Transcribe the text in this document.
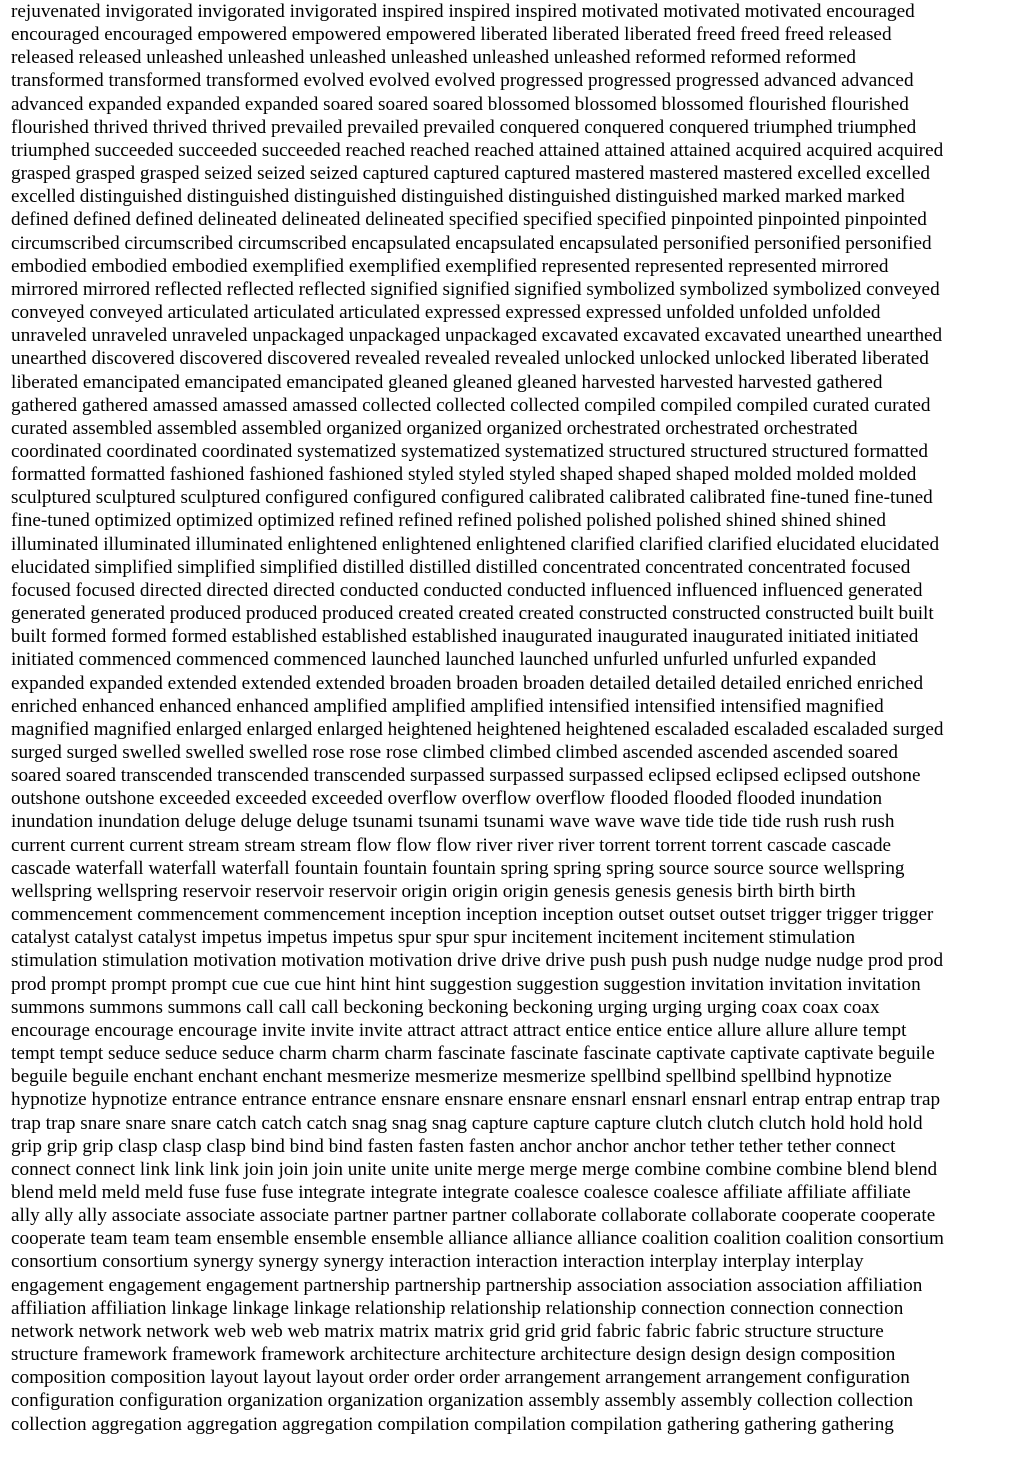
rejuvenated invigorated invigorated invigorated inspired inspired inspired motivated motivated motivated encouraged
encouraged encouraged empowered empowered empowered liberated liberated liberated freed freed freed released
released released unleashed unleashed unleashed unleashed unleashed unleashed reformed reformed reformed
transformed transformed transformed evolved evolved evolved progressed progressed progressed advanced advanced
advanced expanded expanded expanded soared soared soared blossomed blossomed blossomed flourished flourished
flourished thrived thrived thrived prevailed prevailed prevailed conquered conquered conquered triumphed triumphed
triumphed succeeded succeeded succeeded reached reached reached attained attained attained acquired acquired acquired
grasped grasped grasped seized seized seized captured captured captured mastered mastered mastered excelled excelled
excelled distinguished distinguished distinguished distinguished distinguished distinguished marked marked marked
defined defined defined delineated delineated delineated specified specified specified pinpointed pinpointed pinpointed
circumscribed circumscribed circumscribed encapsulated encapsulated encapsulated personified personified personified
embodied embodied embodied exemplified exemplified exemplified represented represented represented mirrored
mirrored mirrored reflected reflected reflected signified signified signified symbolized symbolized symbolized conveyed
conveyed conveyed articulated articulated articulated expressed expressed expressed unfolded unfolded unfolded
unraveled unraveled unraveled unpackaged unpackaged unpackaged excavated excavated excavated unearthed unearthed
unearthed discovered discovered discovered revealed revealed revealed unlocked unlocked unlocked liberated liberated
liberated emancipated emancipated emancipated gleaned gleaned gleaned harvested harvested harvested gathered
gathered gathered amassed amassed amassed collected collected collected compiled compiled compiled curated curated
curated assembled assembled assembled organized organized organized orchestrated orchestrated orchestrated
coordinated coordinated coordinated systematized systematized systematized structured structured structured formatted
formatted formatted fashioned fashioned fashioned styled styled styled shaped shaped shaped molded molded molded
sculptured sculptured sculptured configured configured configured calibrated calibrated calibrated fine-tuned fine-tuned
fine-tuned optimized optimized optimized refined refined refined polished polished polished shined shined shined
illuminated illuminated illuminated enlightened enlightened enlightened clarified clarified clarified elucidated elucidated
elucidated simplified simplified simplified distilled distilled distilled concentrated concentrated concentrated focused
focused focused directed directed directed conducted conducted conducted influenced influenced influenced generated
generated generated produced produced produced created created created constructed constructed constructed built built
built formed formed formed established established established inaugurated inaugurated inaugurated initiated initiated
initiated commenced commenced commenced launched launched launched unfurled unfurled unfurled expanded
expanded expanded extended extended extended broaden broaden broaden detailed detailed detailed enriched enriched
enriched enhanced enhanced enhanced amplified amplified amplified intensified intensified intensified magnified
magnified magnified enlarged enlarged enlarged heightened heightened heightened escaladed escaladed escaladed surged
surged surged swelled swelled swelled rose rose rose climbed climbed climbed ascended ascended ascended soared
soared soared transcended transcended transcended surpassed surpassed surpassed eclipsed eclipsed eclipsed outshone
outshone outshone exceeded exceeded exceeded overflow overflow overflow flooded flooded flooded inundation
inundation inundation deluge deluge deluge tsunami tsunami tsunami wave wave wave tide tide tide rush rush rush
current current current stream stream stream flow flow flow river river river torrent torrent torrent cascade cascade
cascade waterfall waterfall waterfall fountain fountain fountain spring spring spring source source source wellspring
wellspring wellspring reservoir reservoir reservoir origin origin origin genesis genesis genesis birth birth birth
commencement commencement commencement inception inception inception outset outset outset trigger trigger trigger
catalyst catalyst catalyst impetus impetus impetus spur spur spur incitement incitement incitement stimulation
stimulation stimulation motivation motivation motivation drive drive drive push push push nudge nudge nudge prod prod
prod prompt prompt prompt cue cue cue hint hint hint suggestion suggestion suggestion invitation invitation invitation
summons summons summons call call call beckoning beckoning beckoning urging urging urging coax coax coax
encourage encourage encourage invite invite invite attract attract attract entice entice entice allure allure allure tempt
tempt tempt seduce seduce seduce charm charm charm fascinate fascinate fascinate captivate captivate captivate beguile
beguile beguile enchant enchant enchant mesmerize mesmerize mesmerize spellbind spellbind spellbind hypnotize
hypnotize hypnotize entrance entrance entrance ensnare ensnare ensnare ensnarl ensnarl ensnarl entrap entrap entrap trap
trap trap snare snare snare catch catch catch snag snag snag capture capture capture clutch clutch clutch hold hold hold
grip grip grip clasp clasp clasp bind bind bind fasten fasten fasten anchor anchor anchor tether tether tether connect
connect connect link link link join join join unite unite unite merge merge merge combine combine combine blend blend
blend meld meld meld fuse fuse fuse integrate integrate integrate coalesce coalesce coalesce affiliate affiliate affiliate
ally ally ally associate associate associate partner partner partner collaborate collaborate collaborate cooperate cooperate
cooperate team team team ensemble ensemble ensemble alliance alliance alliance coalition coalition coalition consortium
consortium consortium synergy synergy synergy interaction interaction interaction interplay interplay interplay
engagement engagement engagement partnership partnership partnership association association association affiliation
affiliation affiliation linkage linkage linkage relationship relationship relationship connection connection connection
network network network web web web matrix matrix matrix grid grid grid fabric fabric fabric structure structure
structure framework framework framework architecture architecture architecture design design design composition
composition composition layout layout layout order order order arrangement arrangement arrangement configuration
configuration configuration organization organization organization assembly assembly assembly collection collection
collection aggregation aggregation aggregation compilation compilation compilation gathering gathering gathering
